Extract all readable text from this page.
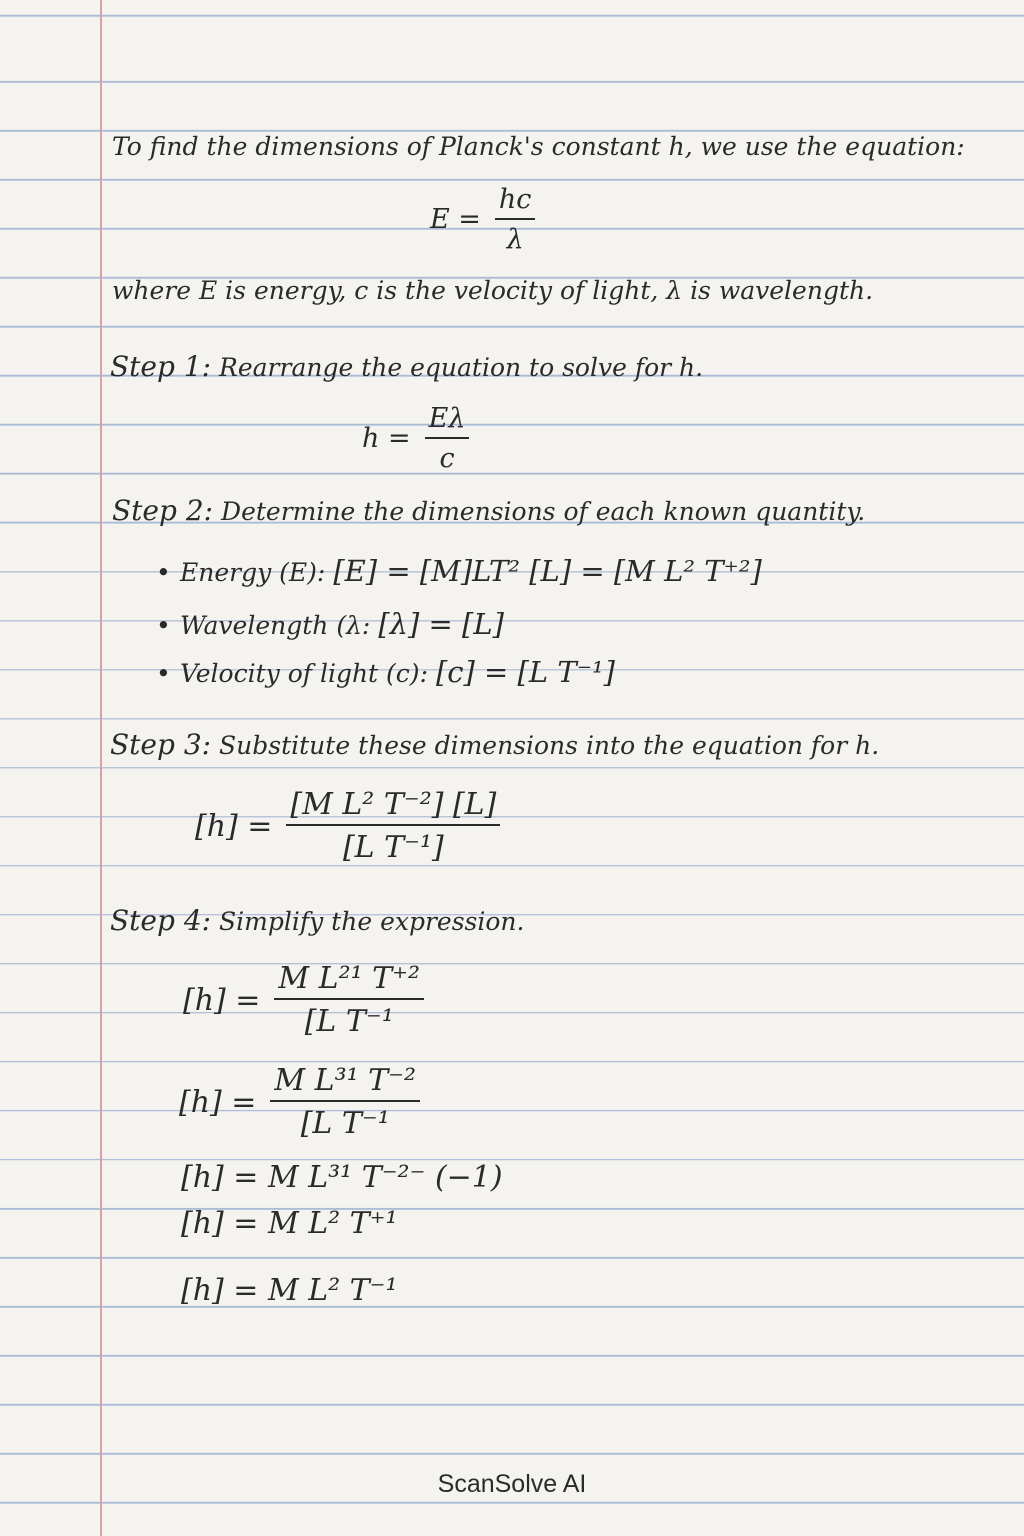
To find the dimensions of Planck's constant h, we use the equation:
$E = \frac{hc}{\lambda}$
where E is energy, c is the velocity of light, λ is wavelength.
Step 1: Rearrange the equation to solve for h.
$h = \frac{E\lambda}{c}$
Step 2: Determine the dimensions of each known quantity.
• Energy (E): [E] = [M]LT² [L] = [M L² T⁺²]
• Wavelength (λ: [λ] = [L]
• Velocity of light (c): [c] = [L T⁻¹]
Step 3: Substitute these dimensions into the equation for h.
$[h] = \frac{\text{[M L² T⁻²] [L]}}{\text{[L T⁻¹]}}$
Step 4: Simplify the expression.
$[h] = \frac{\text{M L²¹ T⁺²}}{\text{[L T⁻¹}}$
$[h] = \frac{\text{M L³¹ T⁻²}}{\text{[L T⁻¹}}$
[h] = M L³¹ T⁻²⁻ (−1)
[h] = M L² T⁺¹
[h] = M L² T⁻¹
ScanSolve AI
